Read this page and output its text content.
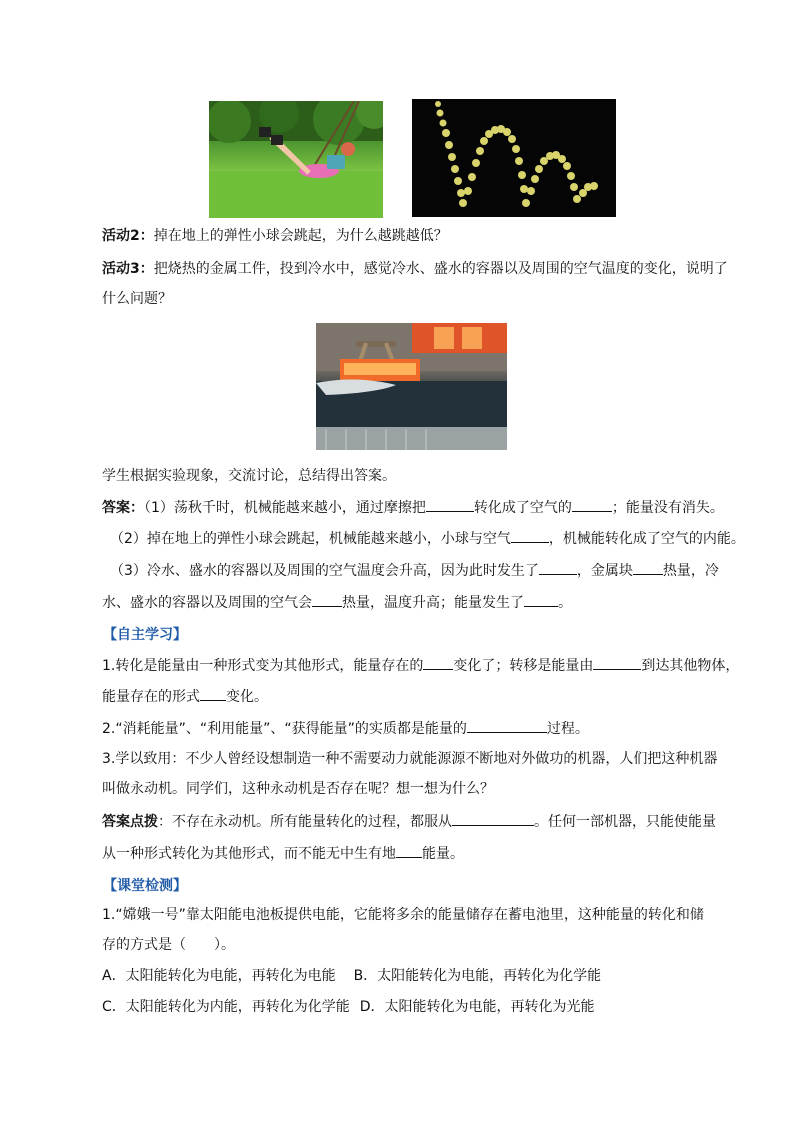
活动2：掉在地上的弹性小球会跳起，为什么越跳越低？
活动3：把烧热的金属工件，投到冷水中，感觉冷水、盛水的容器以及周围的空气温度的变化，说明了
什么问题？
学生根据实验现象，交流讨论，总结得出答案。
答案：（1）荡秋千时，机械能越来越小，通过摩擦把	转化成了空气的	；能量没有消失。
（2）掉在地上的弹性小球会跳起，机械能越来越小，小球与空气	，机械能转化成了空气的内能。
（3）冷水、盛水的容器以及周围的空气温度会升高，因为此时发生了	，金属块 热量，冷
水、盛水的容器以及周围的空气会 热量，温度升高；能量发生了 。
【自主学习】
1.转化是能量由一种形式变为其他形式，能量存在的 变化了；转移是能量由	到达其他物体，
能量存在的形式 变化。
2.“消耗能量”、“利用能量”、“获得能量”的实质都是能量的	过程。
3.学以致用：不少人曾经设想制造一种不需要动力就能源源不断地对外做功的机器，人们把这种机器
叫做永动机。同学们，这种永动机是否存在呢？想一想为什么？
答案点拨：不存在永动机。所有能量转化的过程，都服从	。任何一部机器，只能使能量
从一种形式转化为其他形式，而不能无中生有地 能量。
【课堂检测】
1.“嫦娥一号”靠太阳能电池板提供电能，它能将多余的能量储存在蓄电池里，这种能量的转化和储
存的方式是（　　）。
A．太阳能转化为电能，再转化为电能 B．太阳能转化为电能，再转化为化学能
C．太阳能转化为内能，再转化为化学能 D．太阳能转化为电能，再转化为光能
